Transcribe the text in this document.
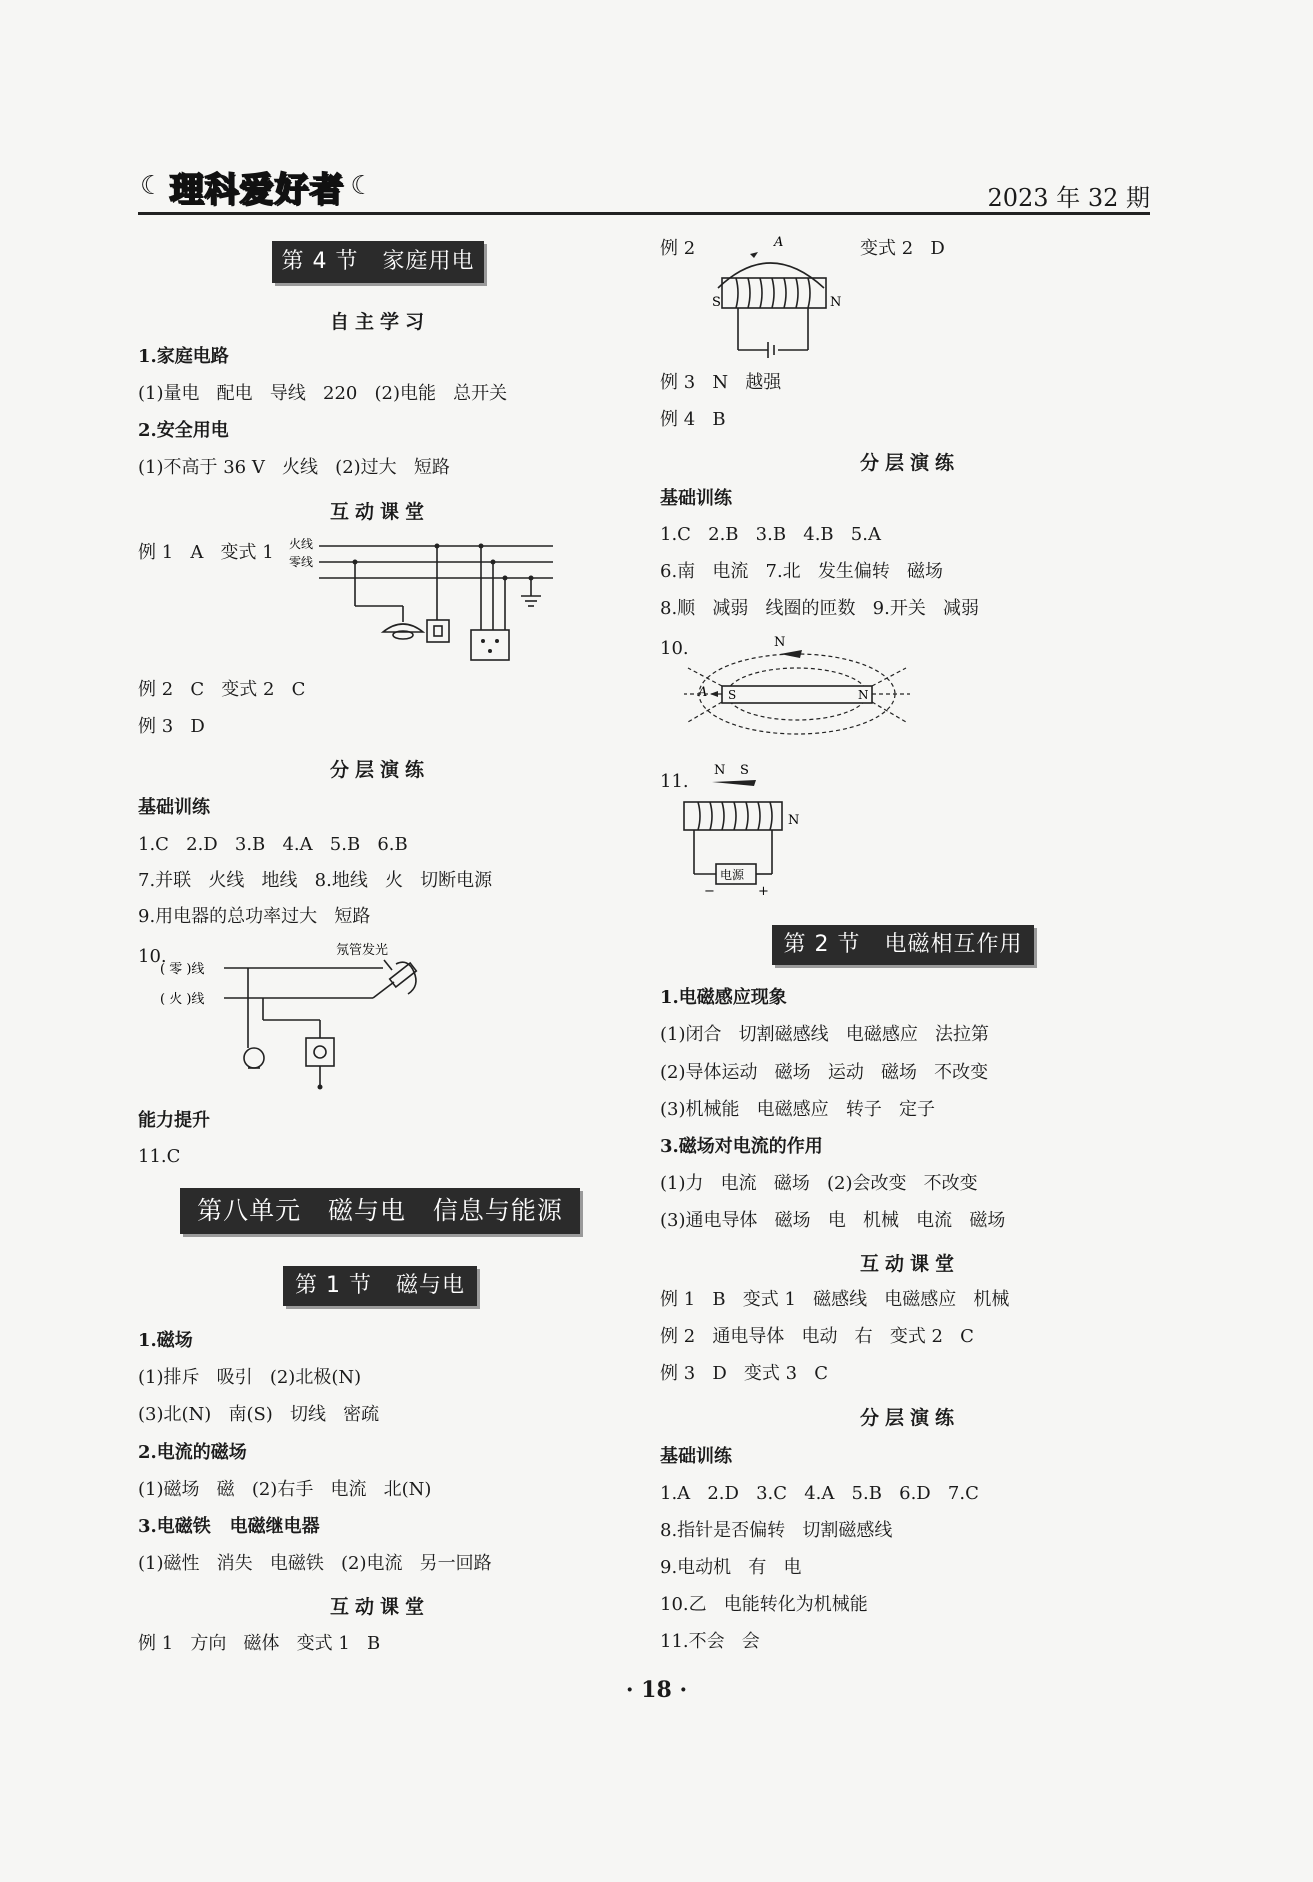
☾ 理科爱好者 ☾	2023 年 32 期
第 4 节   家庭用电
自主学习
1.家庭电路
(1)量电   配电   导线   220   (2)电能   总开关
2.安全用电
(1)不高于 36 V   火线   (2)过大   短路
互动课堂
例 1   A   变式 1 火线
零线
例 2   C   变式 2   C
例 3   D
分层演练
基础训练
1.C   2.D   3.B   4.A   5.B   6.B
7.并联   火线   地线   8.地线   火   切断电源
9.用电器的总功率过大   短路
10.
( 零 )线
( 火 )线
氖管发光
能力提升
11.C
第八单元   磁与电   信息与能源
第 1 节   磁与电
1.磁场
(1)排斥   吸引   (2)北极(N)
(3)北(N)   南(S)   切线   密疏
2.电流的磁场
(1)磁场   磁   (2)右手   电流   北(N)
3.电磁铁   电磁继电器
(1)磁性   消失   电磁铁   (2)电流   另一回路
互动课堂
例 1   方向   磁体   变式 1   B
例 2	变式 2   D
A
S	N
例 3   N   越强
例 4   B
分层演练
基础训练
1.C   2.B   3.B   4.B   5.A
6.南   电流   7.北   发生偏转   磁场
8.顺   减弱   线圈的匝数   9.开关   减弱
10.	N
A S	N
11.
N S
N
电源
−	+
第 2 节   电磁相互作用
1.电磁感应现象
(1)闭合   切割磁感线   电磁感应   法拉第
(2)导体运动   磁场   运动   磁场   不改变
(3)机械能   电磁感应   转子   定子
3.磁场对电流的作用
(1)力   电流   磁场   (2)会改变   不改变
(3)通电导体   磁场   电   机械   电流   磁场
互动课堂
例 1   B   变式 1   磁感线   电磁感应   机械
例 2   通电导体   电动   右   变式 2   C
例 3   D   变式 3   C
分层演练
基础训练
1.A   2.D   3.C   4.A   5.B   6.D   7.C
8.指针是否偏转   切割磁感线
9.电动机   有   电
10.乙   电能转化为机械能
11.不会   会
· 18 ·
